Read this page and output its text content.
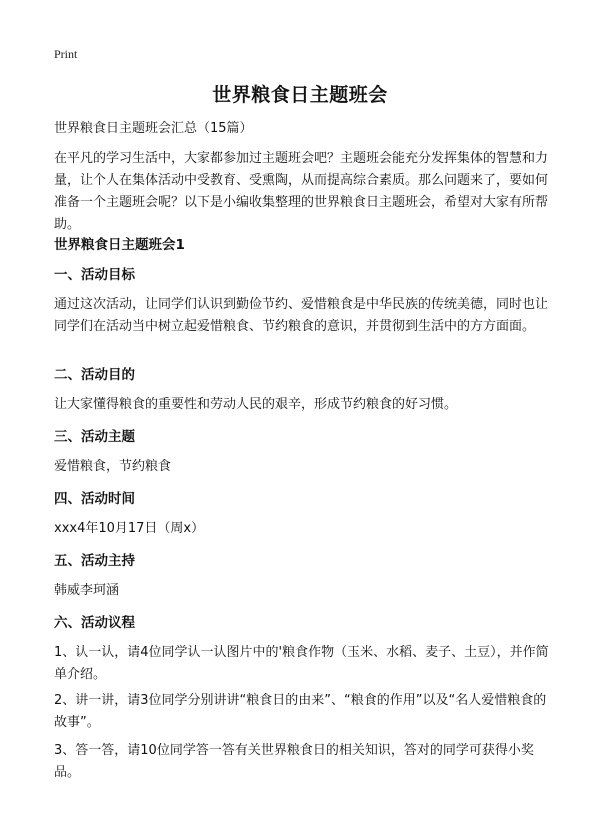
Print
世界粮食日主题班会
世界粮食日主题班会汇总（15篇）
在平凡的学习生活中，大家都参加过主题班会吧？主题班会能充分发挥集体的智慧和力量，让个人在集体活动中受教育、受熏陶，从而提高综合素质。那么问题来了，要如何准备一个主题班会呢？以下是小编收集整理的世界粮食日主题班会，希望对大家有所帮助。
世界粮食日主题班会1
一、活动目标
通过这次活动，让同学们认识到勤俭节约、爱惜粮食是中华民族的传统美德，同时也让同学们在活动当中树立起爱惜粮食、节约粮食的意识，并贯彻到生活中的方方面面。
二、活动目的
让大家懂得粮食的重要性和劳动人民的艰辛，形成节约粮食的好习惯。
三、活动主题
爱惜粮食，节约粮食
四、活动时间
xxx4年10月17日（周x）
五、活动主持
韩威李珂涵
六、活动议程
1、认一认，请4位同学认一认图片中的'粮食作物（玉米、水稻、麦子、土豆），并作简单介绍。
2、讲一讲，请3位同学分别讲讲“粮食日的由来”、“粮食的作用”以及“名人爱惜粮食的故事”。
3、答一答，请10位同学答一答有关世界粮食日的相关知识，答对的同学可获得小奖品。
